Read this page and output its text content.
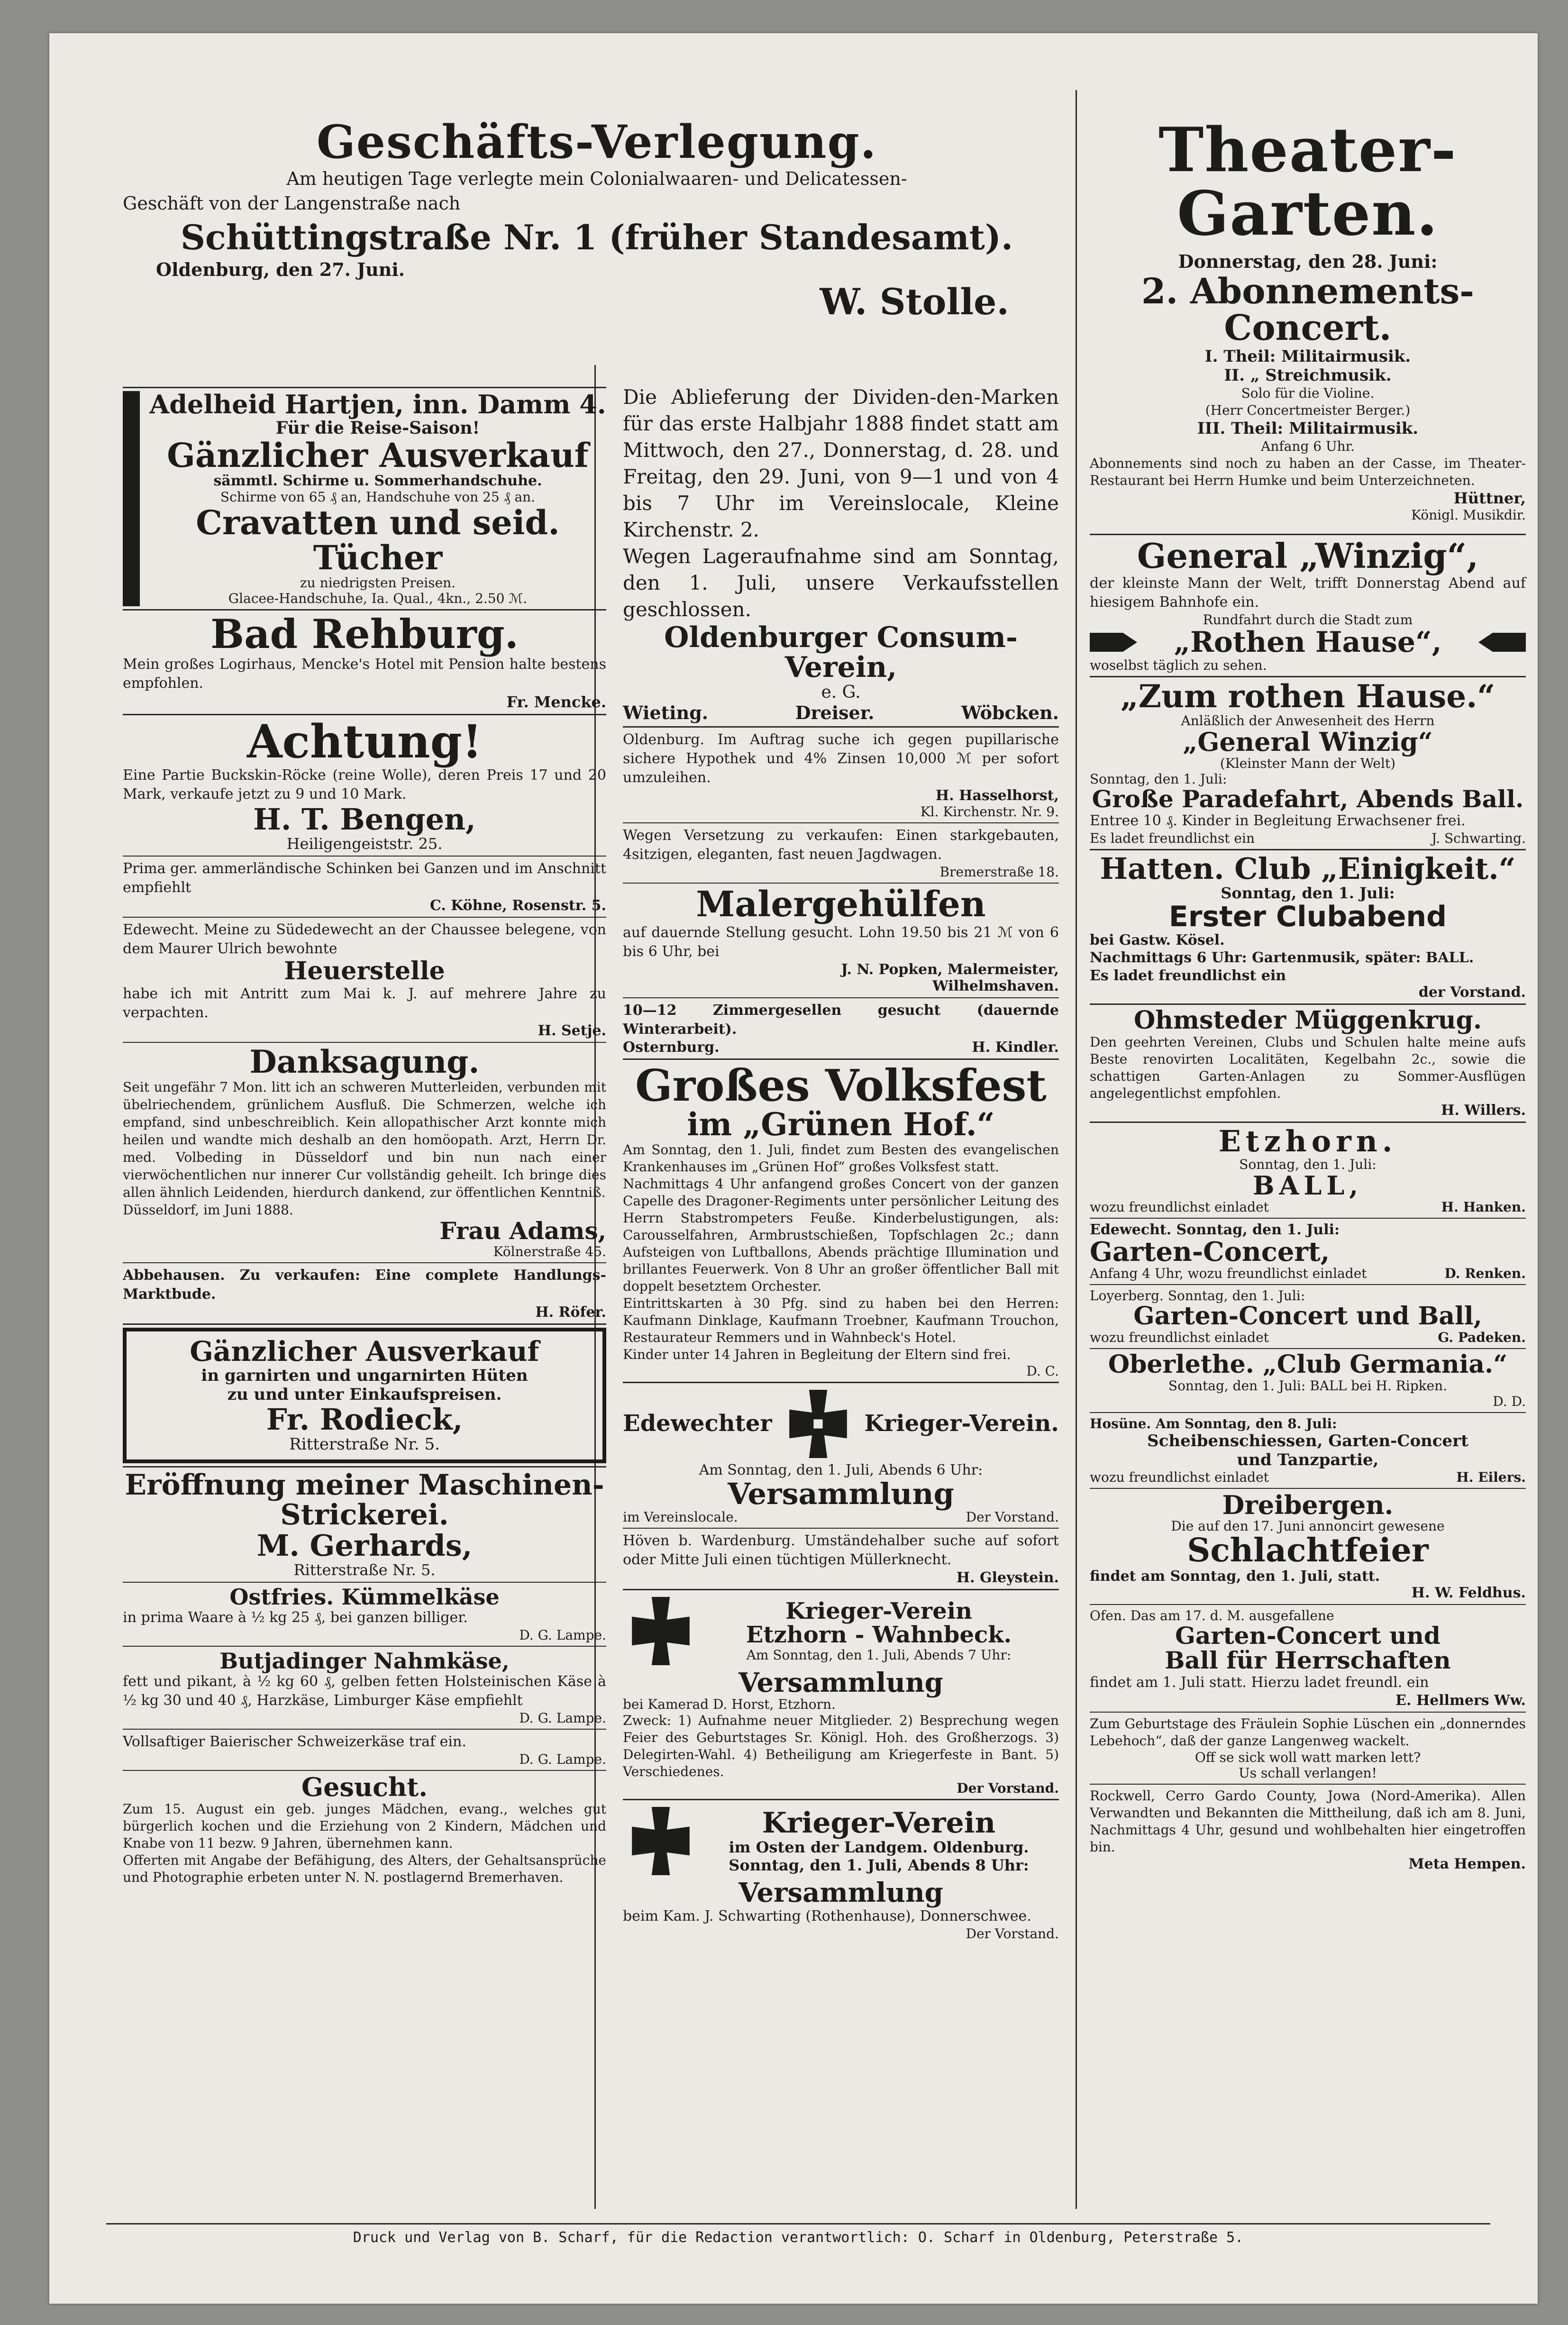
Geschäfts-Verlegung.
Am heutigen Tage verlegte mein Colonialwaaren- und Delicatessen-
Geschäft von der Langenstraße nach
Schüttingstraße Nr. 1 (früher Standesamt).
Oldenburg, den 27. Juni.
W. Stolle.
Theater-Garten.
Donnerstag, den 28. Juni:
2. Abonnements-Concert.
I. Theil: Militairmusik.
II. „ Streichmusik.
Solo für die Violine.
(Herr Concertmeister Berger.)
III. Theil: Militairmusik.
Anfang 6 Uhr.
Abonnements sind noch zu haben an der Casse, im Theater-Restaurant bei Herrn Humke und beim Unterzeichneten.
Hüttner,
Königl. Musikdir.
Adelheid Hartjen, inn. Damm 4.
Für die Reise-Saison!
Gänzlicher Ausverkauf
sämmtl. Schirme u. Sommerhandschuhe.
Schirme von 65 ₰ an, Handschuhe von 25 ₰ an.
Cravatten und seid. Tücher
zu niedrigsten Preisen.
Glacee-Handschuhe, Ia. Qual., 4kn., 2.50 ℳ.
Bad Rehburg.
Mein großes Logirhaus, Mencke's Hotel mit Pension halte bestens empfohlen.
Fr. Mencke.
Achtung!
Eine Partie Buckskin-Röcke (reine Wolle), deren Preis 17 und 20 Mark, verkaufe jetzt zu 9 und 10 Mark.
H. T. Bengen,
Heiligengeiststr. 25.
Prima ger. ammerländische Schinken bei Ganzen und im Anschnitt empfiehlt
C. Köhne, Rosenstr. 5.
Edewecht. Meine zu Südedewecht an der Chaussee belegene, von dem Maurer Ulrich bewohnte
Heuerstelle
habe ich mit Antritt zum Mai k. J. auf mehrere Jahre zu verpachten.
H. Setje.
Danksagung.
Seit ungefähr 7 Mon. litt ich an schweren Mutterleiden, verbunden mit übelriechendem, grünlichem Ausfluß. Die Schmerzen, welche ich empfand, sind unbeschreiblich. Kein allopathischer Arzt konnte mich heilen und wandte mich deshalb an den homöopath. Arzt, Herrn Dr. med. Volbeding in Düsseldorf und bin nun nach einer vierwöchentlichen nur innerer Cur vollständig geheilt. Ich bringe dies allen ähnlich Leidenden, hierdurch dankend, zur öffentlichen Kenntniß.
Düsseldorf, im Juni 1888.
Frau Adams,
Kölnerstraße 45.
Abbehausen. Zu verkaufen: Eine complete Handlungs-Marktbude.
H. Röfer.
Gänzlicher Ausverkauf
in garnirten und ungarnirten Hüten
zu und unter Einkaufspreisen.
Fr. Rodieck,
Ritterstraße Nr. 5.
Eröffnung meiner Maschinen-Strickerei.
M. Gerhards,
Ritterstraße Nr. 5.
Ostfries. Kümmelkäse
in prima Waare à ½ kg 25 ₰, bei ganzen billiger.
D. G. Lampe.
Butjadinger Nahmkäse,
fett und pikant, à ½ kg 60 ₰, gelben fetten Holsteinischen Käse à ½ kg 30 und 40 ₰, Harzkäse, Limburger Käse empfiehlt
D. G. Lampe.
Vollsaftiger Baierischer Schweizerkäse traf ein.
D. G. Lampe.
Gesucht.
Zum 15. August ein geb. junges Mädchen, evang., welches gut bürgerlich kochen und die Erziehung von 2 Kindern, Mädchen und Knabe von 11 bezw. 9 Jahren, übernehmen kann.
Offerten mit Angabe der Befähigung, des Alters, der Gehaltsansprüche und Photographie erbeten unter N. N. postlagernd Bremerhaven.
Die Ablieferung der Dividen-den-Marken für das erste Halbjahr 1888 findet statt am Mittwoch, den 27., Donnerstag, d. 28. und Freitag, den 29. Juni, von 9—1 und von 4 bis 7 Uhr im Vereinslocale, Kleine Kirchenstr. 2.
Wegen Lageraufnahme sind am Sonntag, den 1. Juli, unsere Verkaufsstellen geschlossen.
Oldenburger Consum-Verein,
e. G.
Wieting.	Dreiser.	Wöbcken.
Oldenburg. Im Auftrag suche ich gegen pupillarische sichere Hypothek und 4% Zinsen 10,000 ℳ per sofort umzuleihen.
H. Hasselhorst,
Kl. Kirchenstr. Nr. 9.
Wegen Versetzung zu verkaufen: Einen starkgebauten, 4sitzigen, eleganten, fast neuen Jagdwagen.
Bremerstraße 18.
Malergehülfen
auf dauernde Stellung gesucht. Lohn 19.50 bis 21 ℳ von 6 bis 6 Uhr, bei
J. N. Popken, Malermeister,
Wilhelmshaven.
10—12 Zimmergesellen gesucht (dauernde Winterarbeit).
Osternburg.	H. Kindler.
Großes Volksfest
im „Grünen Hof.“
Am Sonntag, den 1. Juli, findet zum Besten des evangelischen Krankenhauses im „Grünen Hof“ großes Volksfest statt.
Nachmittags 4 Uhr anfangend großes Concert von der ganzen Capelle des Dragoner-Regiments unter persönlicher Leitung des Herrn Stabstrompeters Feuße. Kinderbelustigungen, als: Carousselfahren, Armbrustschießen, Topfschlagen 2c.; dann Aufsteigen von Luftballons, Abends prächtige Illumination und brillantes Feuerwerk. Von 8 Uhr an großer öffentlicher Ball mit doppelt besetztem Orchester.
Eintrittskarten à 30 Pfg. sind zu haben bei den Herren: Kaufmann Dinklage, Kaufmann Troebner, Kaufmann Trouchon, Restaurateur Remmers und in Wahnbeck's Hotel.
Kinder unter 14 Jahren in Begleitung der Eltern sind frei.
D. C.
Edewechter	Krieger-Verein.
Am Sonntag, den 1. Juli, Abends 6 Uhr:
Versammlung
im Vereinslocale.	Der Vorstand.
Höven b. Wardenburg. Umständehalber suche auf sofort oder Mitte Juli einen tüchtigen Müllerknecht.
H. Gleystein.
Krieger-Verein
Etzhorn - Wahnbeck.
Am Sonntag, den 1. Juli, Abends 7 Uhr:
Versammlung
bei Kamerad D. Horst, Etzhorn.
Zweck: 1) Aufnahme neuer Mitglieder. 2) Besprechung wegen Feier des Geburtstages Sr. Königl. Hoh. des Großherzogs. 3) Delegirten-Wahl. 4) Betheiligung am Kriegerfeste in Bant. 5) Verschiedenes.
Der Vorstand.
Krieger-Verein
im Osten der Landgem. Oldenburg.
Sonntag, den 1. Juli, Abends 8 Uhr:
Versammlung
beim Kam. J. Schwarting (Rothenhause), Donnerschwee.
Der Vorstand.
General „Winzig“,
der kleinste Mann der Welt, trifft Donnerstag Abend auf hiesigem Bahnhofe ein.
Rundfahrt durch die Stadt zum
„Rothen Hause“,
woselbst täglich zu sehen.
„Zum rothen Hause.“
Anläßlich der Anwesenheit des Herrn
„General Winzig“
(Kleinster Mann der Welt)
Sonntag, den 1. Juli:
Große Paradefahrt, Abends Ball.
Entree 10 ₰. Kinder in Begleitung Erwachsener frei.
Es ladet freundlichst ein	J. Schwarting.
Hatten. Club „Einigkeit.“
Sonntag, den 1. Juli:
Erster Clubabend
bei Gastw. Kösel.
Nachmittags 6 Uhr: Gartenmusik, später: BALL.
Es ladet freundlichst ein
der Vorstand.
Ohmsteder Müggenkrug.
Den geehrten Vereinen, Clubs und Schulen halte meine aufs Beste renovirten Localitäten, Kegelbahn 2c., sowie die schattigen Garten-Anlagen zu Sommer-Ausflügen angelegentlichst empfohlen.
H. Willers.
Etzhorn.
Sonntag, den 1. Juli:
BALL,
wozu freundlichst einladet	H. Hanken.
Edewecht. Sonntag, den 1. Juli:
Garten-Concert,
Anfang 4 Uhr, wozu freundlichst einladet	D. Renken.
Loyerberg. Sonntag, den 1. Juli:
Garten-Concert und Ball,
wozu freundlichst einladet	G. Padeken.
Oberlethe. „Club Germania.“
Sonntag, den 1. Juli: BALL bei H. Ripken.
D. D.
Hosüne. Am Sonntag, den 8. Juli:
Scheibenschiessen, Garten-Concert
und Tanzpartie,
wozu freundlichst einladet	H. Eilers.
Dreibergen.
Die auf den 17. Juni annoncirt gewesene
Schlachtfeier
findet am Sonntag, den 1. Juli, statt.
H. W. Feldhus.
Ofen. Das am 17. d. M. ausgefallene
Garten-Concert und
Ball für Herrschaften
findet am 1. Juli statt. Hierzu ladet freundl. ein
E. Hellmers Ww.
Zum Geburtstage des Fräulein Sophie Lüschen ein „donnerndes Lebehoch“, daß der ganze Langenweg wackelt.
Off se sick woll watt marken lett?
Us schall verlangen!
Rockwell, Cerro Gardo County, Jowa (Nord-Amerika). Allen Verwandten und Bekannten die Mittheilung, daß ich am 8. Juni, Nachmittags 4 Uhr, gesund und wohlbehalten hier eingetroffen bin.
Meta Hempen.
Druck und Verlag von B. Scharf, für die Redaction verantwortlich: O. Scharf in Oldenburg, Peterstraße 5.
